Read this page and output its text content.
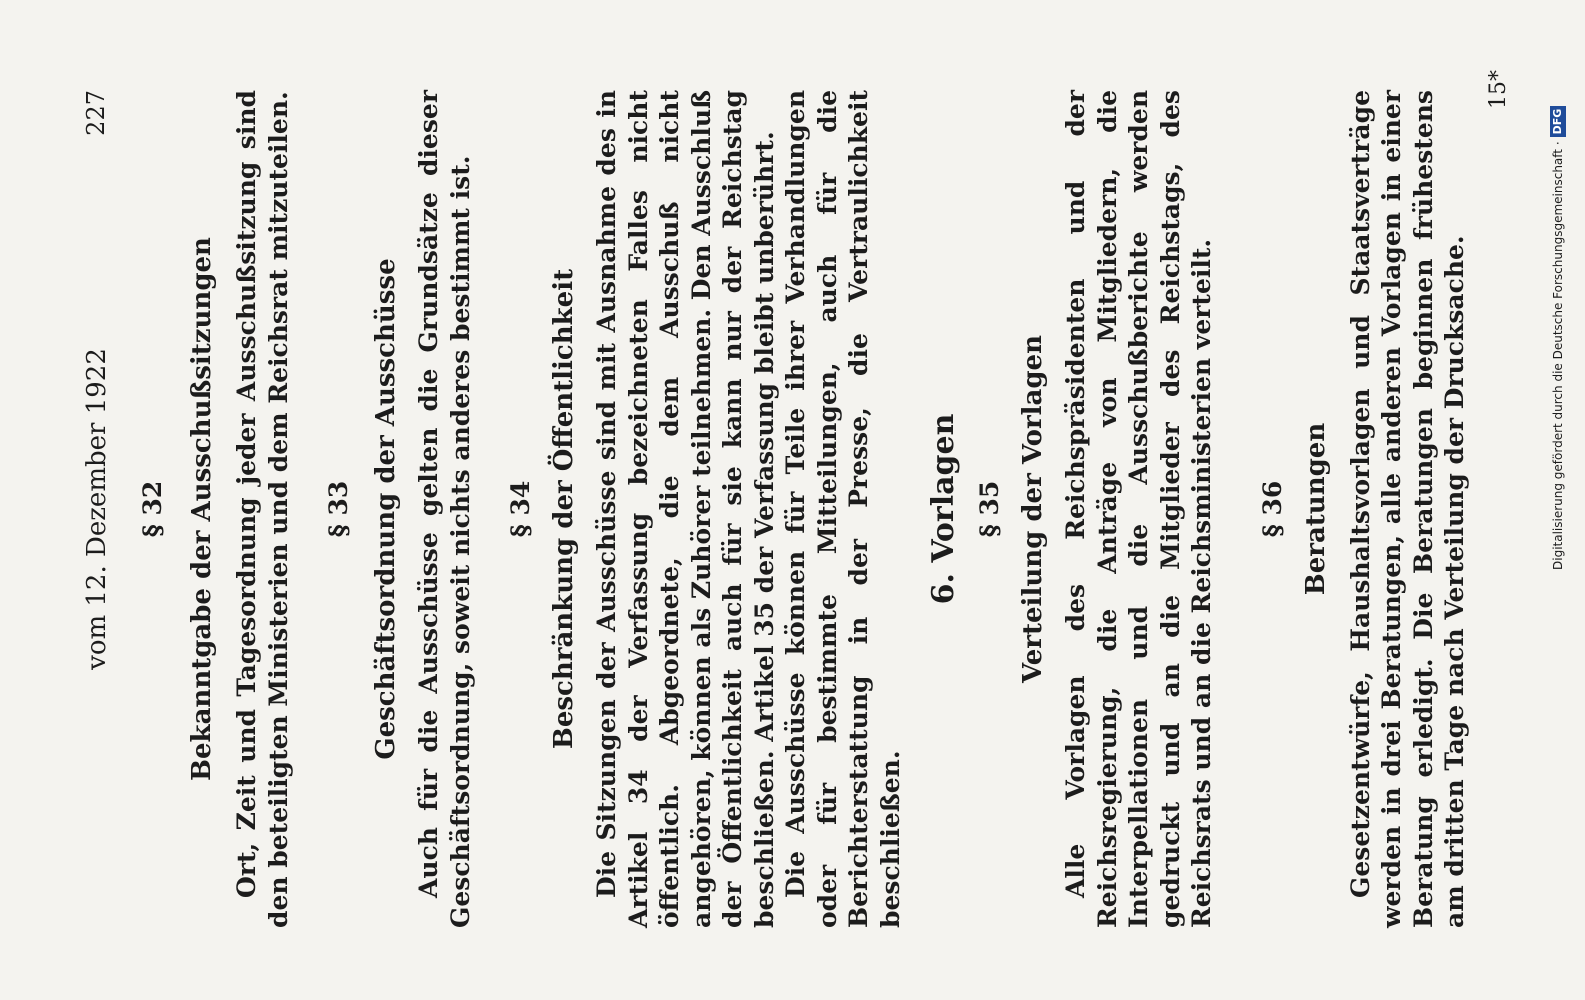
vom 12. Dezember 1922
227
§ 32 Bekanntgabe der Ausschußsitzungen Ort, Zeit und Tagesordnung jeder Ausschußsitzung sind den beteiligten Ministerien und dem Reichsrat mitzuteilen. § 33 Geschäftsordnung der Ausschüsse Auch für die Ausschüsse gelten die Grundsätze dieser Geschäftsordnung, soweit nichts anderes bestimmt ist. § 34 Beschränkung der Öffentlichkeit Die Sitzungen der Ausschüsse sind mit Ausnahme des in Artikel 34 der Verfassung bezeichneten Falles nicht öffentlich. Abgeordnete, die dem Ausschuß nicht angehören, können als Zuhörer teilnehmen. Den Ausschluß der Öffentlichkeit auch für sie kann nur der Reichstag beschließen. Artikel 35 der Verfassung bleibt unberührt. Die Ausschüsse können für Teile ihrer Verhandlungen oder für bestimmte Mitteilungen, auch für die Berichterstattung in der Presse, die Vertraulichkeit beschließen.

6. Vorlagen § 35 Verteilung der Vorlagen Alle Vorlagen des Reichspräsidenten und der Reichsregierung, die Anträge von Mitgliedern, die Interpellationen und die Ausschußberichte werden gedruckt und an die Mitglieder des Reichstags, des Reichsrats und an die Reichsministerien verteilt. § 36 Beratungen Gesetzentwürfe, Haushaltsvorlagen und Staatsverträge werden in drei Beratungen, alle anderen Vorlagen in einer Beratung erledigt. Die Beratungen beginnen frühestens am dritten Tage nach Verteilung der Drucksache.

15*
Digitalisierung gefördert durch die Deutsche Forschungsgemeinschaft ·
DFG
